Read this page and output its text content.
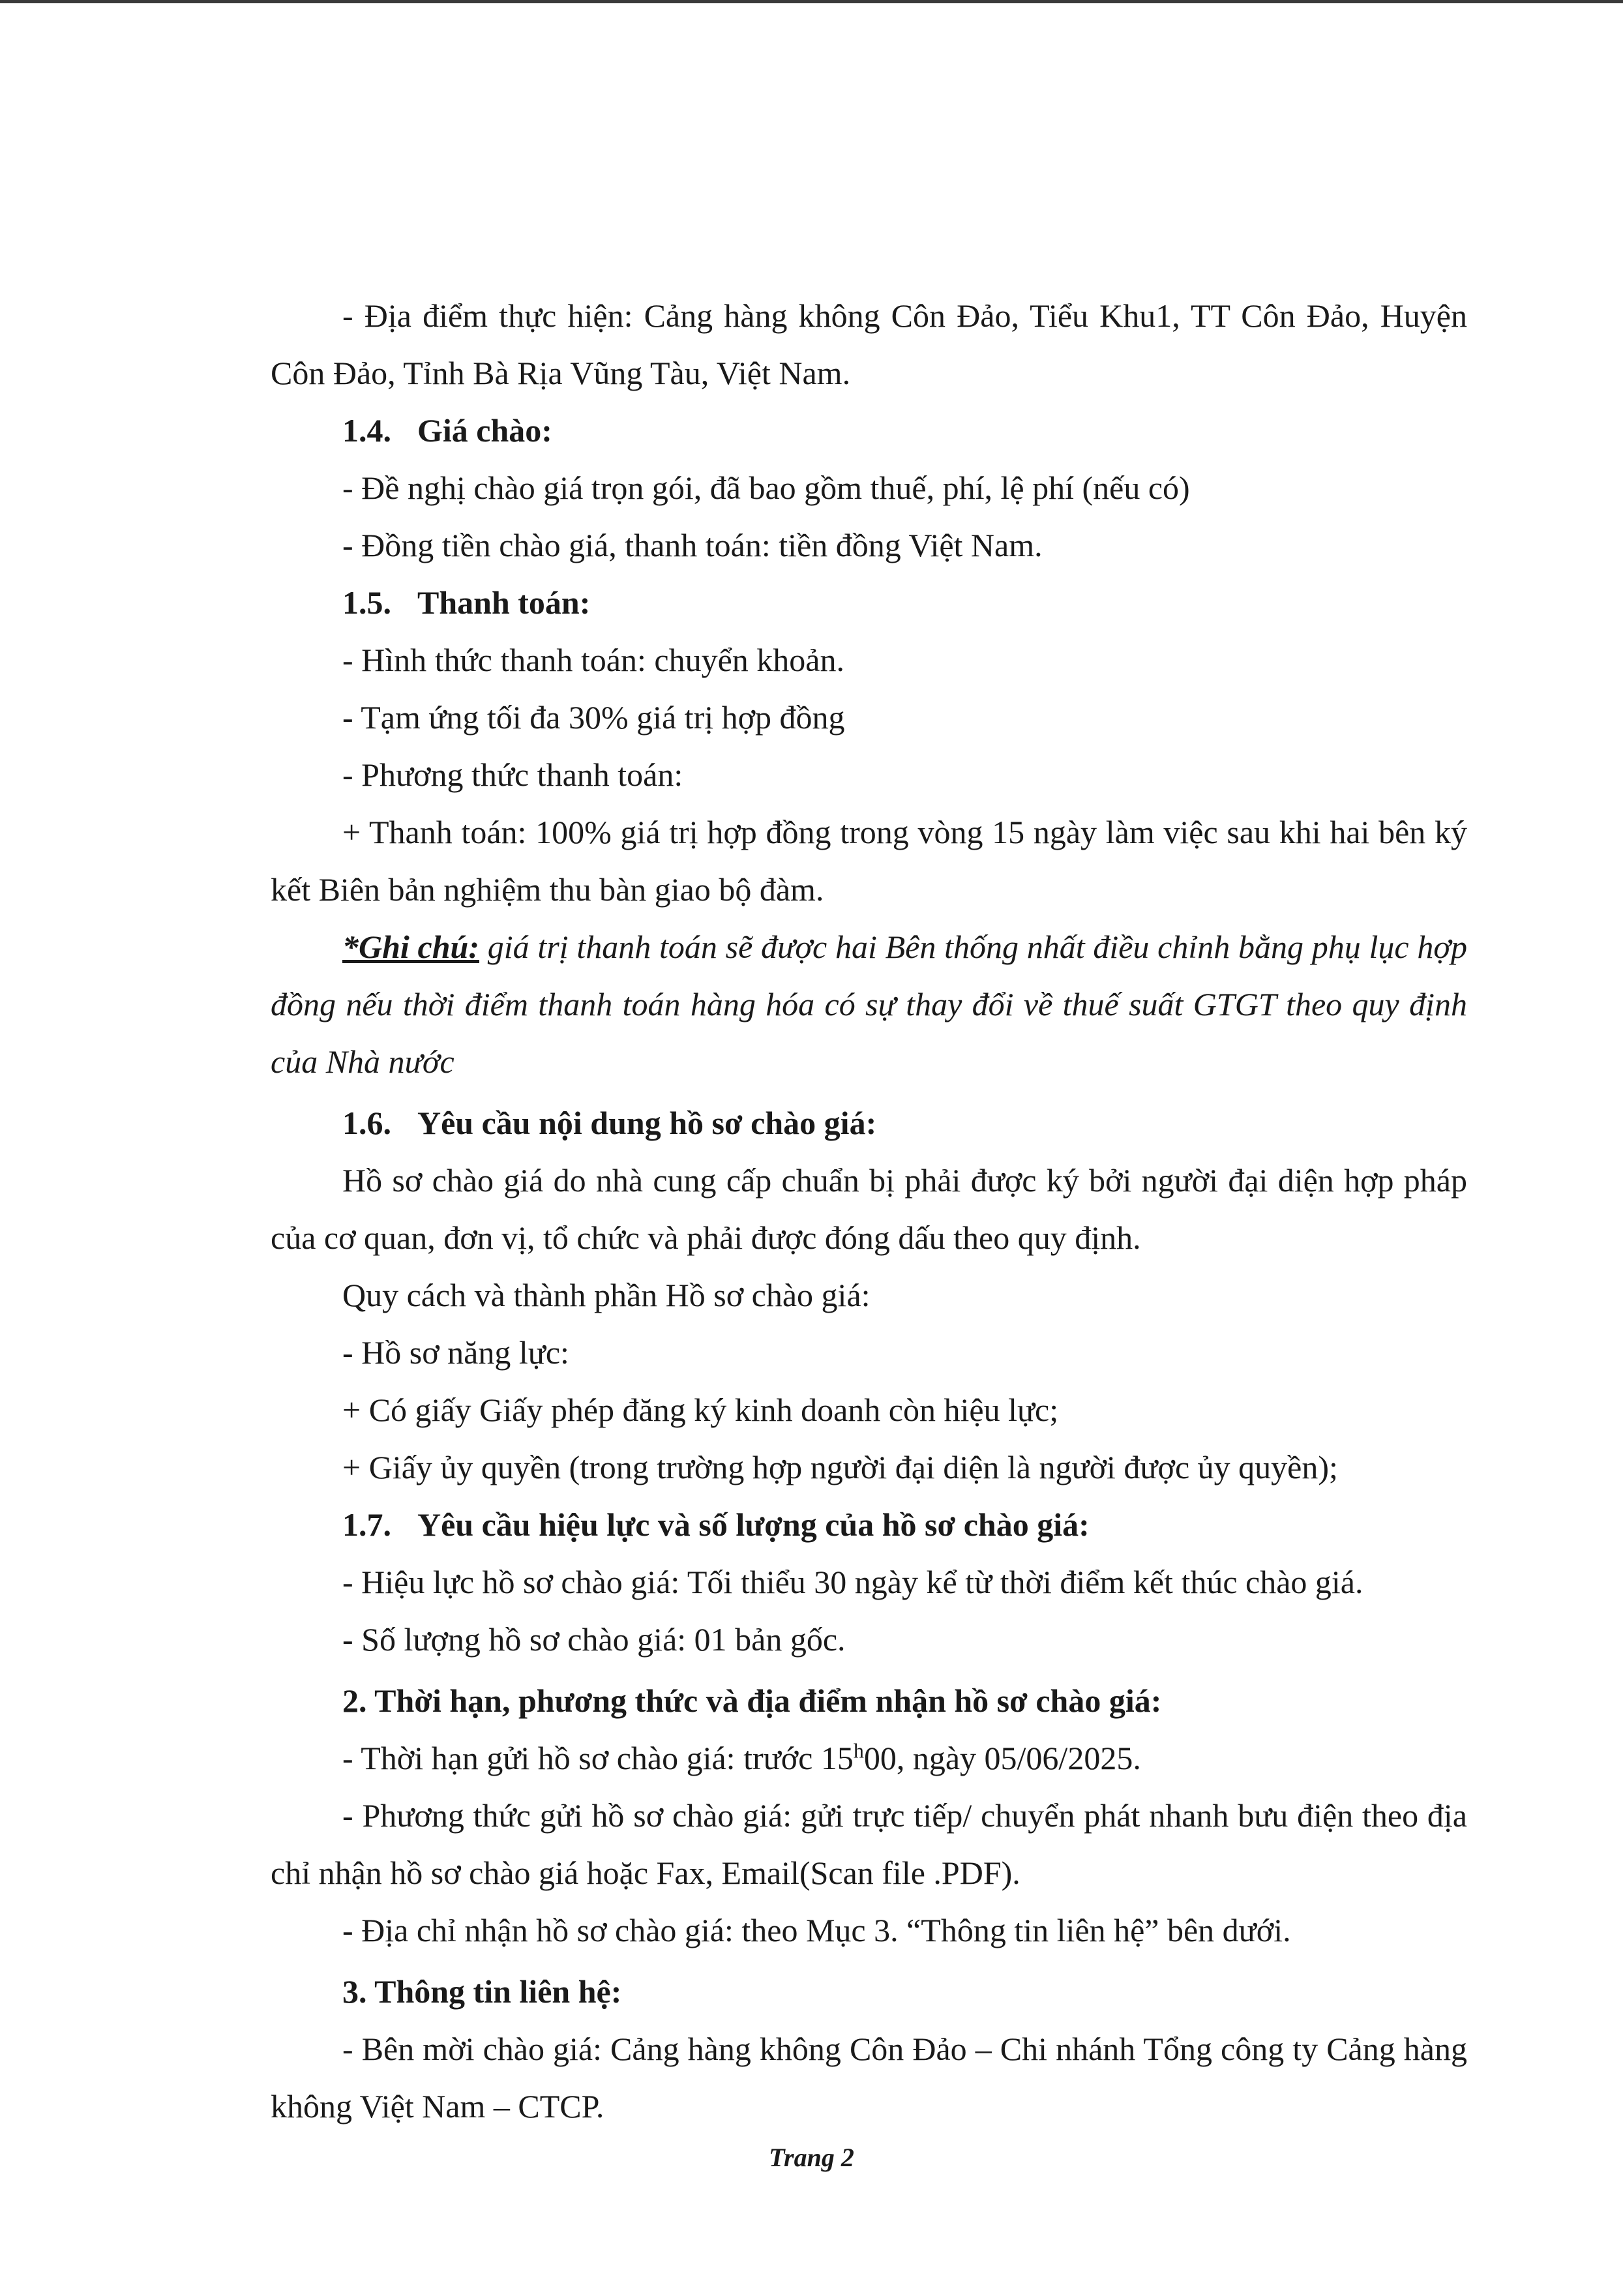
- Địa điểm thực hiện: Cảng hàng không Côn Đảo, Tiểu Khu1, TT Côn Đảo, Huyện Côn Đảo, Tỉnh Bà Rịa Vũng Tàu, Việt Nam.

1.4. Giá chào:

- Đề nghị chào giá trọn gói, đã bao gồm thuế, phí, lệ phí (nếu có)

- Đồng tiền chào giá, thanh toán: tiền đồng Việt Nam.

1.5. Thanh toán:

- Hình thức thanh toán: chuyển khoản.

- Tạm ứng tối đa 30% giá trị hợp đồng

- Phương thức thanh toán:

+ Thanh toán: 100% giá trị hợp đồng trong vòng 15 ngày làm việc sau khi hai bên ký kết Biên bản nghiệm thu bàn giao bộ đàm.

*Ghi chú: giá trị thanh toán sẽ được hai Bên thống nhất điều chỉnh bằng phụ lục hợp đồng nếu thời điểm thanh toán hàng hóa có sự thay đổi về thuế suất GTGT theo quy định của Nhà nước

1.6. Yêu cầu nội dung hồ sơ chào giá:

Hồ sơ chào giá do nhà cung cấp chuẩn bị phải được ký bởi người đại diện hợp pháp của cơ quan, đơn vị, tổ chức và phải được đóng dấu theo quy định.

Quy cách và thành phần Hồ sơ chào giá:

- Hồ sơ năng lực:

+ Có giấy Giấy phép đăng ký kinh doanh còn hiệu lực;

+ Giấy ủy quyền (trong trường hợp người đại diện là người được ủy quyền);

1.7. Yêu cầu hiệu lực và số lượng của hồ sơ chào giá:

- Hiệu lực hồ sơ chào giá: Tối thiểu 30 ngày kể từ thời điểm kết thúc chào giá.

- Số lượng hồ sơ chào giá: 01 bản gốc.

2. Thời hạn, phương thức và địa điểm nhận hồ sơ chào giá:

- Thời hạn gửi hồ sơ chào giá: trước 15$^h$00, ngày 05/06/2025.

- Phương thức gửi hồ sơ chào giá: gửi trực tiếp/ chuyển phát nhanh bưu điện theo địa chỉ nhận hồ sơ chào giá hoặc Fax, Email(Scan file .PDF).

- Địa chỉ nhận hồ sơ chào giá: theo Mục 3. “Thông tin liên hệ” bên dưới.

3. Thông tin liên hệ:

- Bên mời chào giá: Cảng hàng không Côn Đảo – Chi nhánh Tổng công ty Cảng hàng không Việt Nam – CTCP.

Trang 2
